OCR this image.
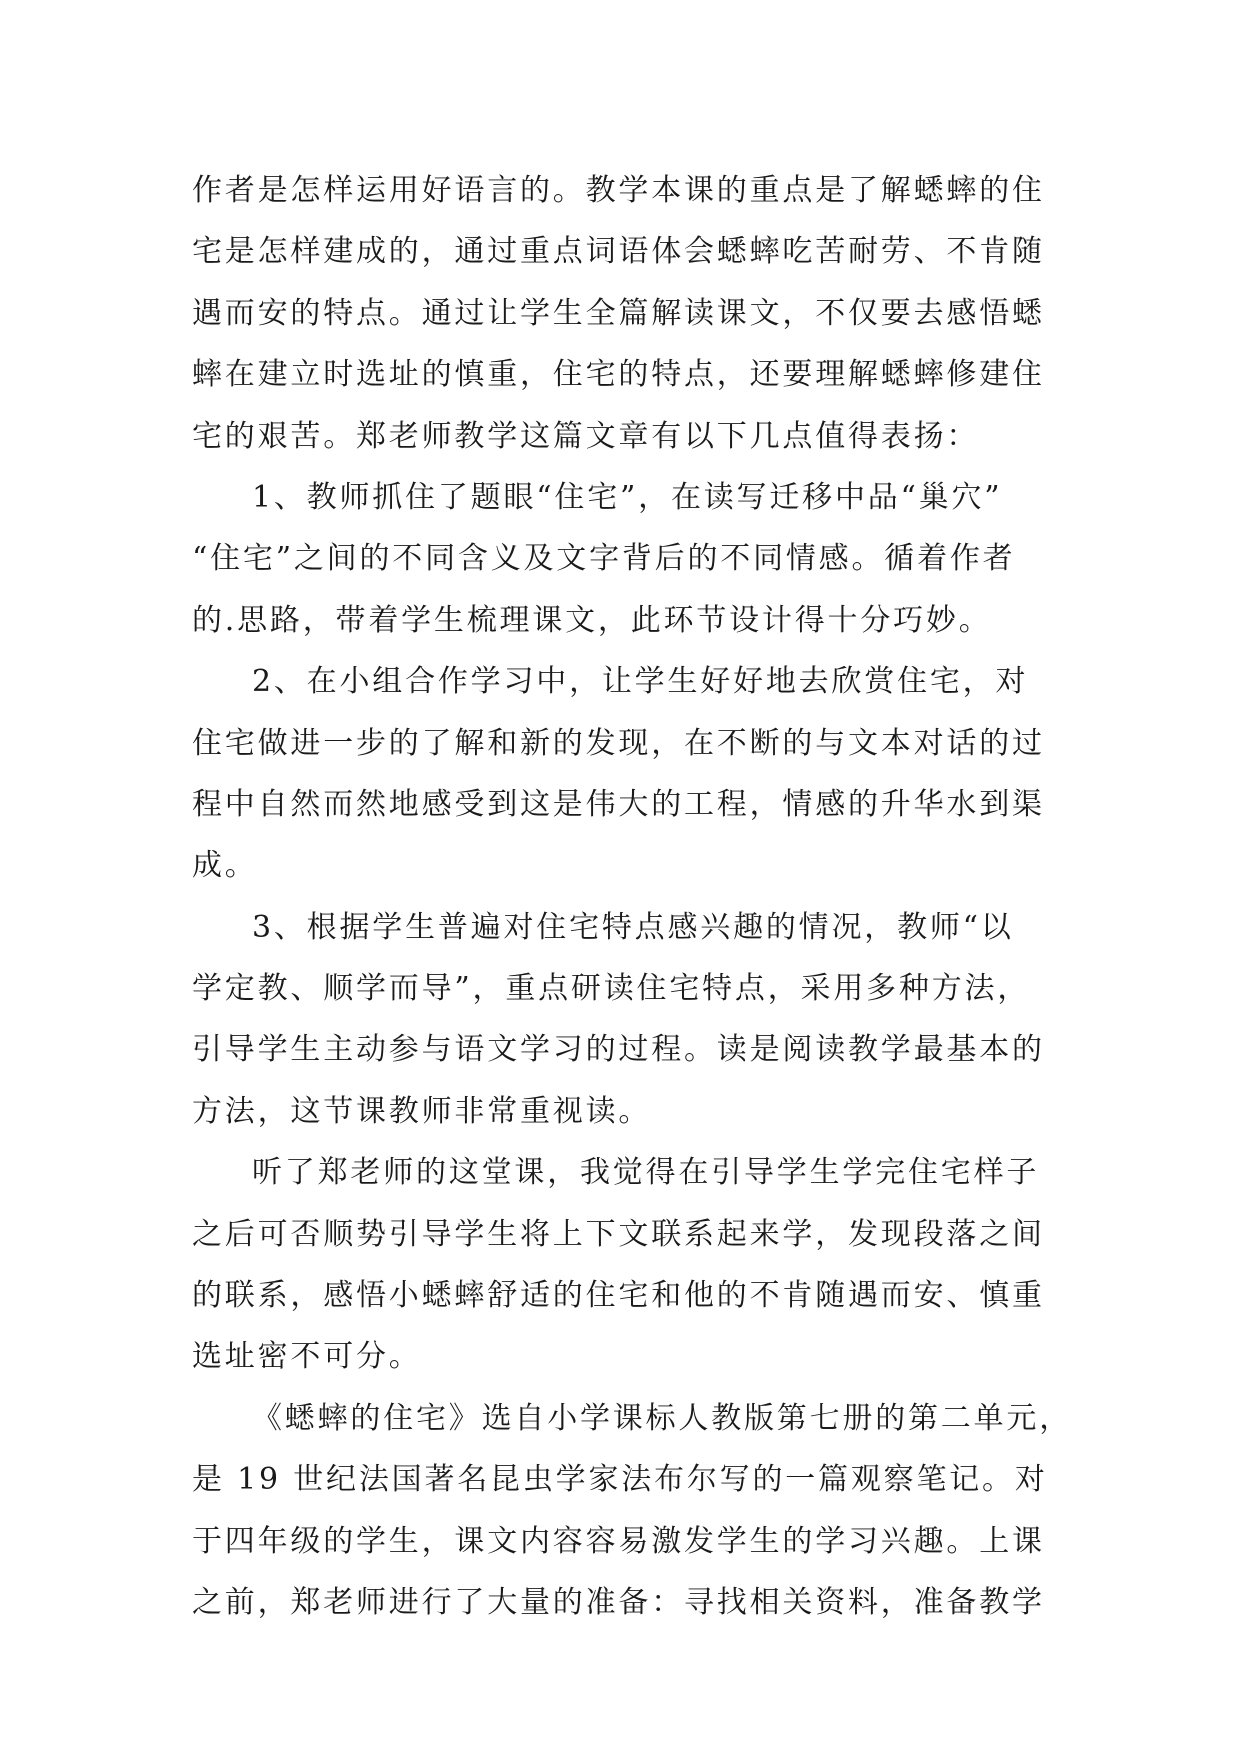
作者是怎样运用好语言的。教学本课的重点是了解蟋蟀的住
宅是怎样建成的，通过重点词语体会蟋蟀吃苦耐劳、不肯随
遇而安的特点。通过让学生全篇解读课文，不仅要去感悟蟋
蟀在建立时选址的慎重，住宅的特点，还要理解蟋蟀修建住
宅的艰苦。郑老师教学这篇文章有以下几点值得表扬：
1、教师抓住了题眼“住宅”，在读写迁移中品“巢穴”
“住宅”之间的不同含义及文字背后的不同情感。循着作者
的.思路，带着学生梳理课文，此环节设计得十分巧妙。
2、在小组合作学习中，让学生好好地去欣赏住宅，对
住宅做进一步的了解和新的发现，在不断的与文本对话的过
程中自然而然地感受到这是伟大的工程，情感的升华水到渠
成。
3、根据学生普遍对住宅特点感兴趣的情况，教师“以
学定教、顺学而导”，重点研读住宅特点，采用多种方法，
引导学生主动参与语文学习的过程。读是阅读教学最基本的
方法，这节课教师非常重视读。
听了郑老师的这堂课，我觉得在引导学生学完住宅样子
之后可否顺势引导学生将上下文联系起来学，发现段落之间
的联系，感悟小蟋蟀舒适的住宅和他的不肯随遇而安、慎重
选址密不可分。
《蟋蟀的住宅》选自小学课标人教版第七册的第二单元，
是 19 世纪法国著名昆虫学家法布尔写的一篇观察笔记。对
于四年级的学生，课文内容容易激发学生的学习兴趣。上课
之前，郑老师进行了大量的准备：寻找相关资料，准备教学
